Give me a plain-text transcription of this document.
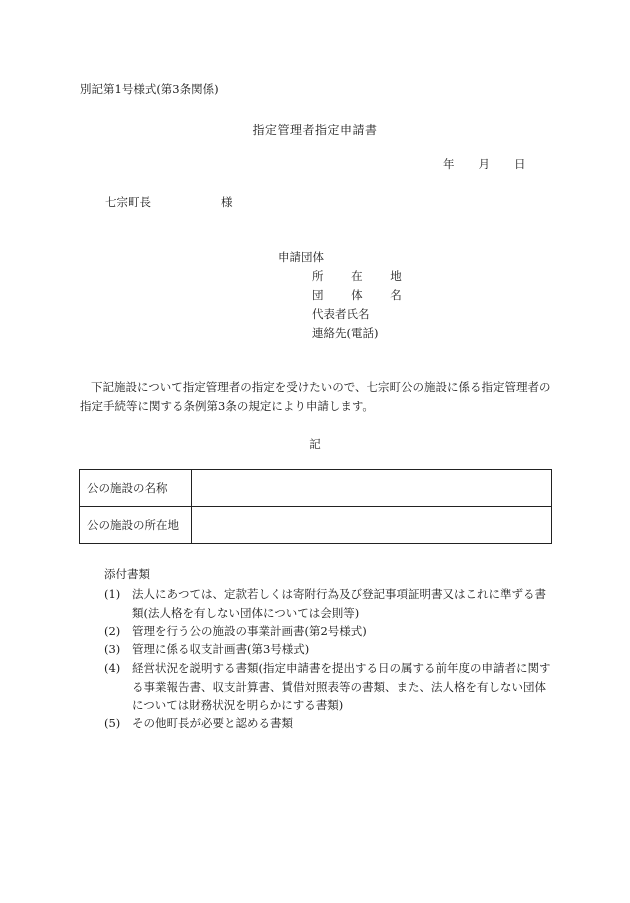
別記第1号様式(第3条関係)
指定管理者指定申請書
年 月 日
七宗町長	様
申請団体
所 在 地
団 体 名
代表者氏名
連絡先(電話)
下記施設について指定管理者の指定を受けたいので、七宗町公の施設に係る指定管理者の指定手続等に関する条例第3条の規定により申請します。
記
公の施設の名称	
公の施設の所在地	
添付書類
(1) 法人にあつては、定款若しくは寄附行為及び登記事項証明書又はこれに準ずる書類(法人格を有しない団体については会則等)
(2) 管理を行う公の施設の事業計画書(第2号様式)
(3) 管理に係る収支計画書(第3号様式)
(4) 経営状況を説明する書類(指定申請書を提出する日の属する前年度の申請者に関する事業報告書、収支計算書、賃借対照表等の書類、また、法人格を有しない団体については財務状況を明らかにする書類)
(5) その他町長が必要と認める書類
